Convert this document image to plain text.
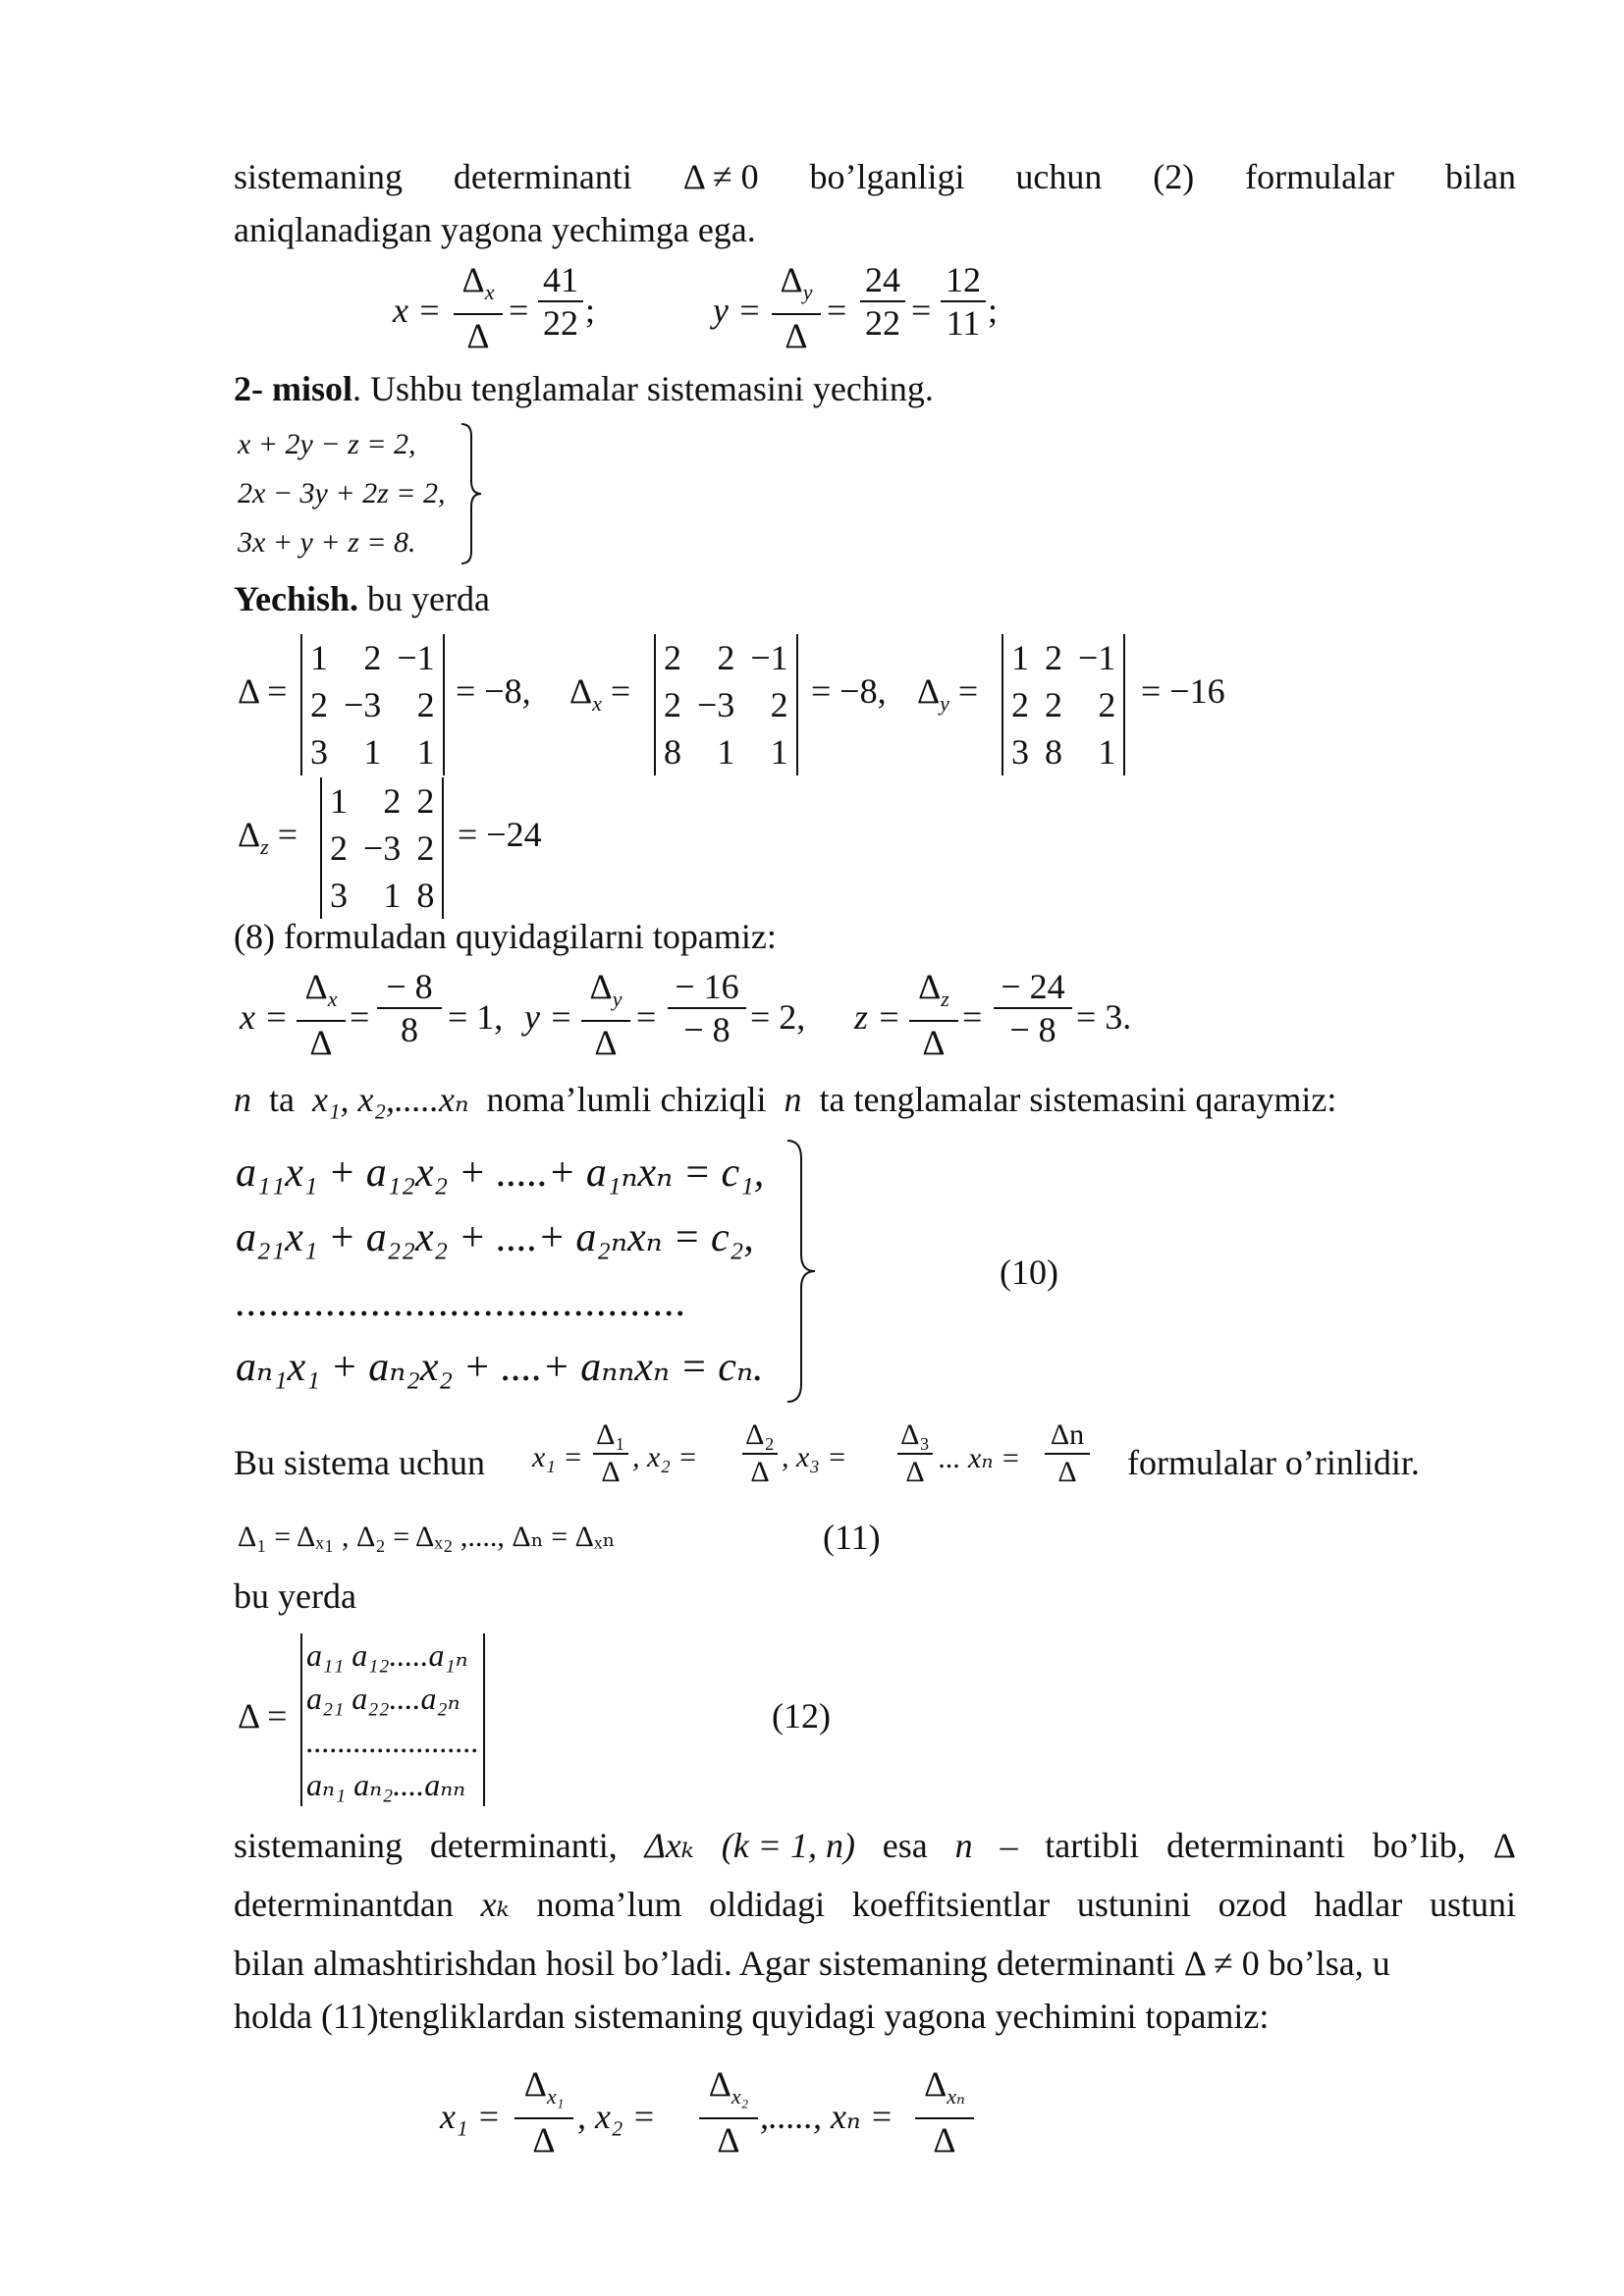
sistemaning determinanti Δ ≠ 0 bo’lganligi uchun (2) formulalar bilan
aniqlanadigan yagona yechimga ega.
x =
$\Delta_x$
Δ
=
41
22 ;	y =
$\Delta_y$
Δ
=
24
22 =
12
11 ;
2- misol. Ushbu tenglamalar sistemasini yeching.
x + 2y − z = 2,
2x − 3y + 2z = 2,
3x + y + z = 8.
Yechish. bu yerda
Δ =
1	2	−1
2	−3	2
3	1	1
= −8, $\Delta_x$ =
2	2	−1
2	−3	2
8	1	1
= −8, $\Delta_y$ =
1	2	−1
2	2	2
3	8	1
= −16
$\Delta_z$ =
1	2	2
2	−3	2
3	1	8
= −24
(8) formuladan quyidagilarni topamiz:
x =
$\Delta_x$
Δ
=
− 8
8 = 1, y =
$\Delta_y$
Δ
=
− 16
− 8 = 2, z =
$\Delta_z$
Δ
=
− 24
− 8 = 3.
n ta x₁, x₂,.....xₙ noma’lumli chiziqli n ta tenglamalar sistemasini qaraymiz:
a₁₁x₁ + a₁₂x₂ + .....+ a₁ₙxₙ = c₁,
a₂₁x₁ + a₂₂x₂ + ....+ a₂ₙxₙ = c₂,
........................................
aₙ₁x₁ + aₙ₂x₂ + ....+ aₙₙxₙ = cₙ.
(10)
Bu sistema uchun x₁ =
Δ₁
Δ , x₂ =
Δ₂
Δ , x₃ =
Δ₃
Δ ... xₙ =
Δn
Δ formulalar o’rinlidir.
Δ₁ = Δₓ₁ , Δ₂ = Δₓ₂ ,...., Δₙ = Δₓₙ	(11)
bu yerda
Δ =
a₁₁ a₁₂.....a₁ₙ
a₂₁ a₂₂....a₂ₙ
......................
aₙ₁ aₙ₂....aₙₙ
(12)
sistemaning determinanti, Δxₖ (k = 1, n) esa n – tartibli determinanti bo’lib, Δ
determinantdan xₖ noma’lum oldidagi koeffitsientlar ustunini ozod hadlar ustuni
bilan almashtirishdan hosil bo’ladi. Agar sistemaning determinanti Δ ≠ 0 bo’lsa, u
holda (11)tengliklardan sistemaning quyidagi yagona yechimini topamiz:
x₁ =
$\Delta_{x_1}$
Δ
, x₂ =
$\Delta_{x_2}$
Δ
,....., xₙ =
$\Delta_{x_n}$
Δ
